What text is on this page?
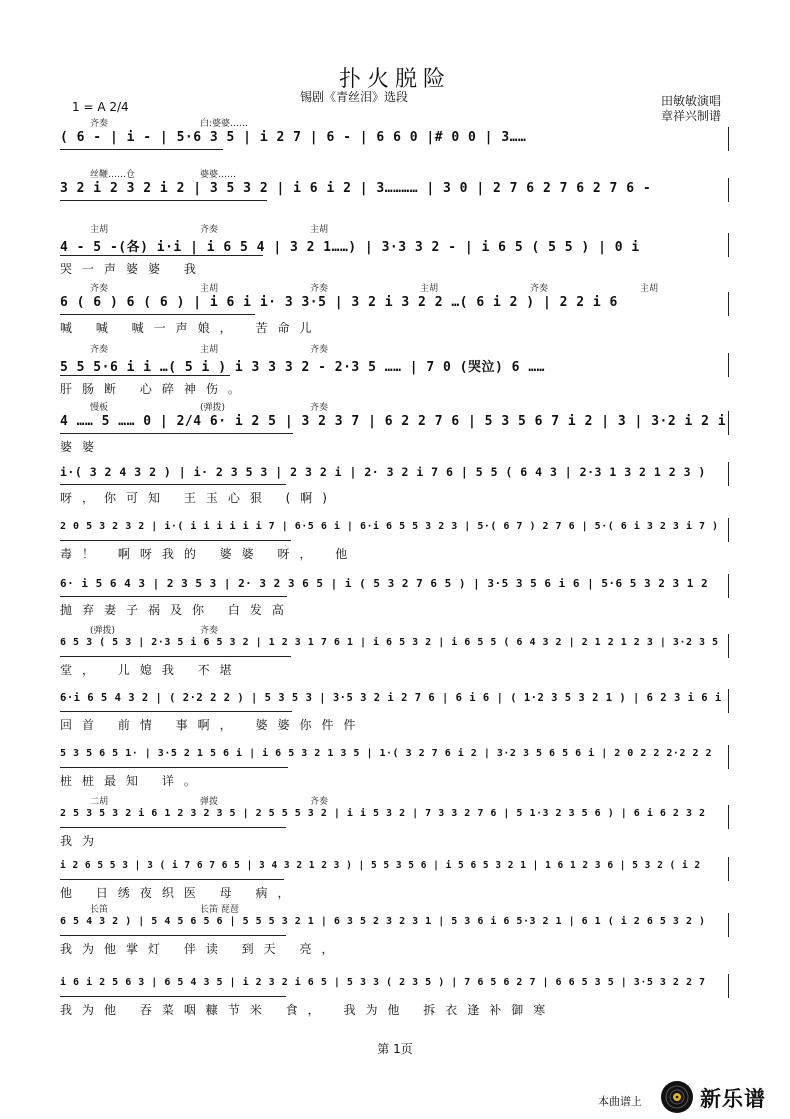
扑火脱险
锡剧《青丝泪》选段
1 = A 2/4	田敏敏演唱
章祥兴制谱
( 6 - | i - | 5·6 3 5 | i 2 7 | 6 - | 6 6 0 |# 0 0 | 3……
齐奏	白:婆婆……
3 2 i 2 3 2 i 2 | 3 5 3 2 | i 6 i 2 | 3………… | 3 0 | 2 7 6 2 7 6 2 7 6 -
丝鞭……仓	婆婆……
4 - 5 -(各) i·i | i 6 5 4 | 3 2 1……) | 3·3 3 2 - | i 6 5 ( 5 5 ) | 0 i
主胡	齐奏	主胡
哭一声婆婆 我
6 ( 6 ) 6 ( 6 ) | i 6 i i· 3 3·5 | 3 2 i 3 2 2 …( 6 i 2 ) | 2 2 i 6
齐奏	主胡	齐奏	主胡	齐奏	主胡
喊 喊 喊一声娘， 苦命儿
5 5 5·6 i i …( 5 i ) i 3 3 3 2 - 2·3 5 …… | 7 0 (哭泣) 6 ……
齐奏	主胡	齐奏
肝肠断 心碎神伤。
4 …… 5 …… 0 | 2/4 6· i 2 5 | 3 2 3 7 | 6 2 2 7 6 | 5 3 5 6 7 i 2 | 3 | 3·2 i 2 i
慢板	(弹拨)	齐奏
婆婆
i·( 3 2 4 3 2 ) | i· 2 3 5 3 | 2 3 2 i | 2· 3 2 i 7 6 | 5 5 ( 6 4 3 | 2·3 1 3 2 1 2 3 )
呀，你可知 王玉心狠 (啊)
2 0 5 3 2 3 2 | i·( i i i i i i 7 | 6·5 6 i | 6·i 6 5 5 3 2 3 | 5·( 6 7 ) 2 7 6 | 5·( 6 i 3 2 3 i 7 )
毒！ 啊呀我的 婆婆 呀， 他
6· i 5 6 4 3 | 2 3 5 3 | 2· 3 2 3 6 5 | i ( 5 3 2 7 6 5 ) | 3·5 3 5 6 i 6 | 5·6 5 3 2 3 1 2
抛弃妻子祸及你 白发高
6 5 3 ( 5 3 | 2·3 5 i 6 5 3 2 | 1 2 3 1 7 6 1 | i 6 5 3 2 | i 6 5 5 ( 6 4 3 2 | 2 1 2 1 2 3 | 3·2 3 5
(弹拨)	齐奏
堂， 儿媳我 不堪
6·i 6 5 4 3 2 | ( 2·2 2 2 ) | 5 3 5 3 | 3·5 3 2 i 2 7 6 | 6 i 6 | ( 1·2 3 5 3 2 1 ) | 6 2 3 i 6 i
回首 前情 事啊， 婆婆你件件
5 3 5 6 5 1· | 3·5 2 1 5 6 i | i 6 5 3 2 1 3 5 | 1·( 3 2 7 6 i 2 | 3·2 3 5 6 5 6 i | 2 0 2 2 2·2 2 2
桩桩最知 详。
2 5 3 5 3 2 i 6 1 2 3 2 3 5 | 2 5 5 5 3 2 | i i 5 3 2 | 7 3 3 2 7 6 | 5 1·3 2 3 5 6 ) | 6 i 6 2 3 2
二胡	弹拨	齐奏
我为
i 2 6 5 5 3 | 3 ( i 7 6 7 6 5 | 3 4 3 2 1 2 3 ) | 5 5 3 5 6 | i 5 6 5 3 2 1 | 1 6 1 2 3 6 | 5 3 2 ( i 2
他 日绣夜织医 母 病，
6 5 4 3 2 ) | 5 4 5 6 5 6 | 5 5 5 3 2 1 | 6 3 5 2 3 2 3 1 | 5 3 6 i 6 5·3 2 1 | 6 1 ( i 2 6 5 3 2 )
长笛	长笛 琵琶
我为他掌灯 伴读 到天 亮，
i 6 i 2 5 6 3 | 6 5 4 3 5 | i 2 3 2 i 6 5 | 5 3 3 ( 2 3 5 ) | 7 6 5 6 2 7 | 6 6 5 3 5 | 3·5 3 2 2 7
我为他 吞菜咽糠节米 食， 我为他 拆衣逢补御寒
第 1页
本曲谱上	新乐谱
